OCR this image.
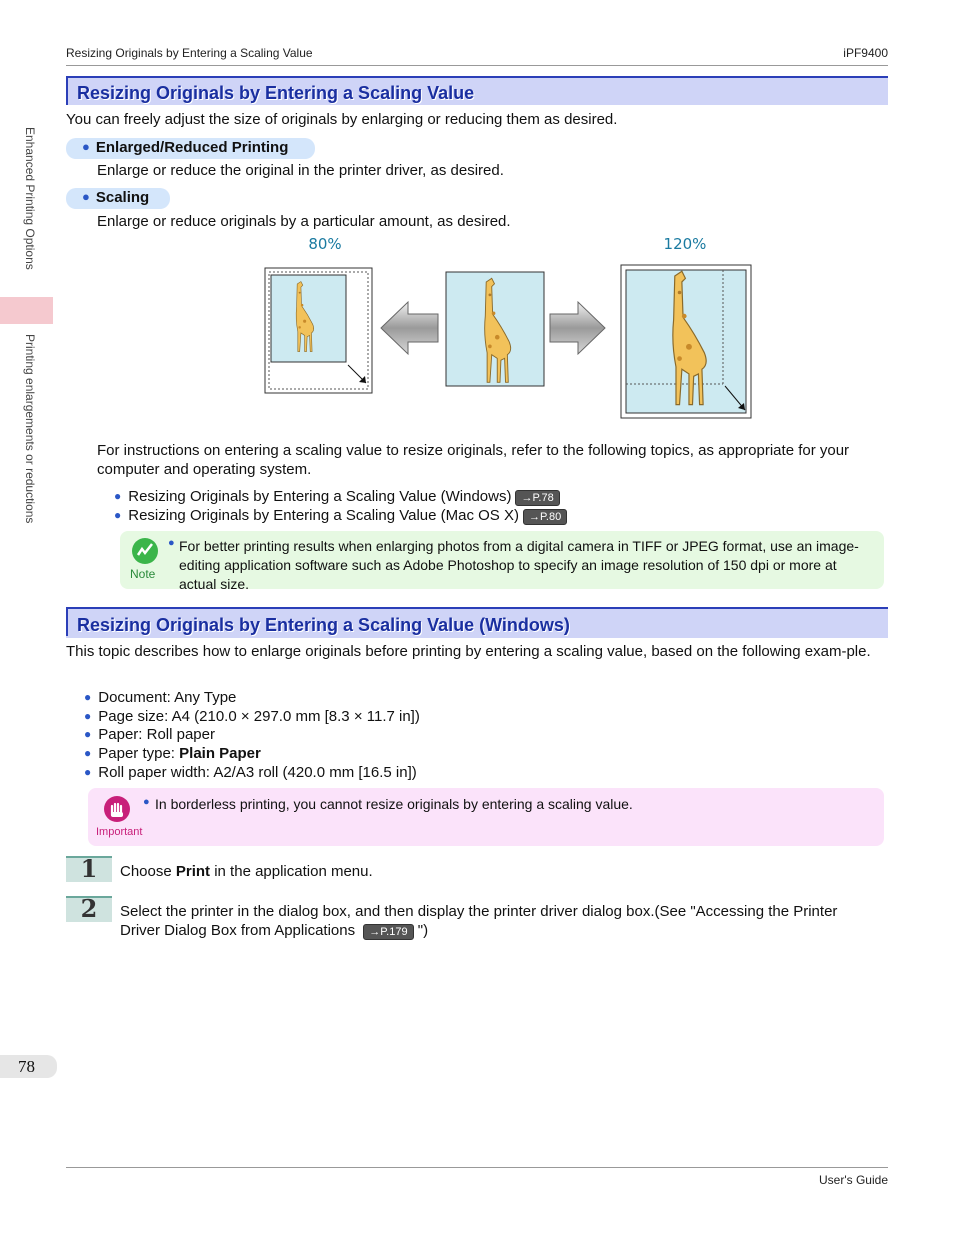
Resizing Originals by Entering a Scaling Value	iPF9400
Enhanced Printing Options
Printing enlargements or reductions
Resizing Originals by Entering a Scaling Value
You can freely adjust the size of originals by enlarging or reducing them as desired.
● Enlarged/Reduced Printing
Enlarge or reduce the original in the printer driver, as desired.
● Scaling
Enlarge or reduce originals by a particular amount, as desired.
80%	120%
For instructions on entering a scaling value to resize originals, refer to the following topics, as appropriate for your computer and operating system.
● Resizing Originals by Entering a Scaling Value (Windows) →P.78
● Resizing Originals by Entering a Scaling Value (Mac OS X) →P.80
Note
● For better printing results when enlarging photos from a digital camera in TIFF or JPEG format, use an image-editing application software such as Adobe Photoshop to specify an image resolution of 150 dpi or more at actual size.
Resizing Originals by Entering a Scaling Value (Windows)
This topic describes how to enlarge originals before printing by entering a scaling value, based on the following exam-ple.
● Document: Any Type
● Page size: A4 (210.0 × 297.0 mm [8.3 × 11.7 in])
● Paper: Roll paper
● Paper type: Plain Paper
● Roll paper width: A2/A3 roll (420.0 mm [16.5 in])
Important
● In borderless printing, you cannot resize originals by entering a scaling value.
1	Choose Print in the application menu.
2	Select the printer in the dialog box, and then display the printer driver dialog box.(See "Accessing the Printer Driver Dialog Box from Applications →P.179 ")
78
User's Guide
